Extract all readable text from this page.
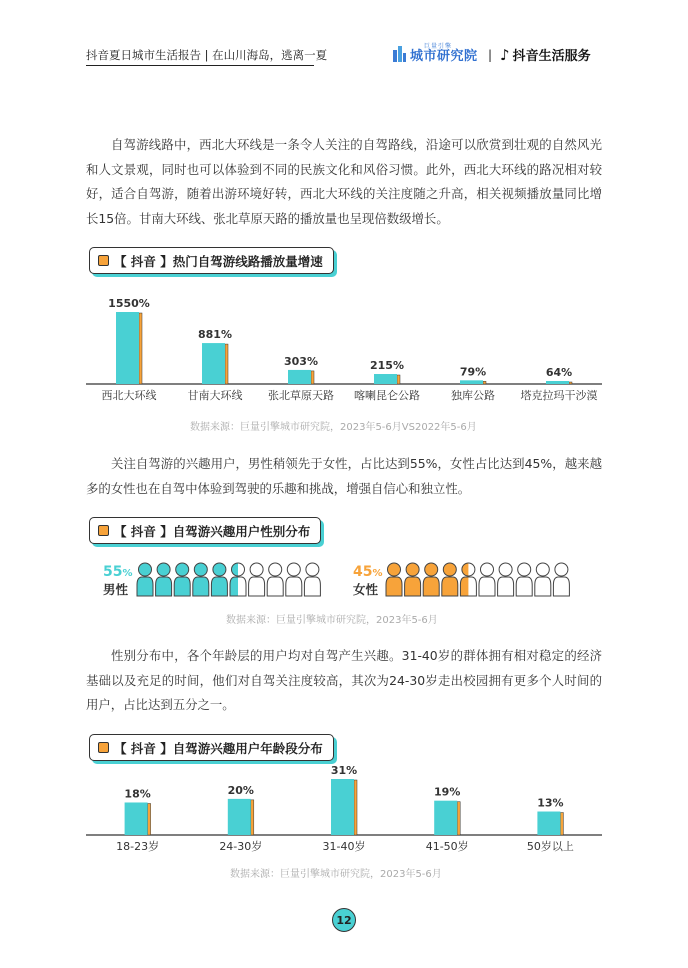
抖音夏日城市生活报告 | 在山川海岛，逃离一夏
巨量引擎
城市研究院 | ♪ 抖音生活服务

自驾游线路中，西北大环线是一条令人关注的自驾路线，沿途可以欣赏到壮观的自然风光和人文景观，同时也可以体验到不同的民族文化和风俗习惯。此外，西北大环线的路况相对较好，适合自驾游，随着出游环境好转，西北大环线的关注度随之升高，相关视频播放量同比增长15倍。甘南大环线、张北草原天路的播放量也呈现倍数级增长。

【 抖音 】热门自驾游线路播放量增速
1550%
西北大环线
881%
甘南大环线
303%
张北草原天路
215%
喀喇昆仑公路
79%
独库公路
64%
塔克拉玛干沙漠
数据来源：巨量引擎城市研究院，2023年5-6月VS2022年5-6月

关注自驾游的兴趣用户，男性稍领先于女性，占比达到55%，女性占比达到45%，越来越多的女性也在自驾中体验到驾驶的乐趣和挑战，增强自信心和独立性。

【 抖音 】自驾游兴趣用户性别分布
55%
男性
45%
女性
数据来源：巨量引擎城市研究院，2023年5-6月

性别分布中，各个年龄层的用户均对自驾产生兴趣。31-40岁的群体拥有相对稳定的经济基础以及充足的时间，他们对自驾关注度较高，其次为24-30岁走出校园拥有更多个人时间的用户，占比达到五分之一。

【 抖音 】自驾游兴趣用户年龄段分布
18%
18-23岁
20%
24-30岁
31%
31-40岁
19%
41-50岁
13%
50岁以上
数据来源：巨量引擎城市研究院，2023年5-6月
12
